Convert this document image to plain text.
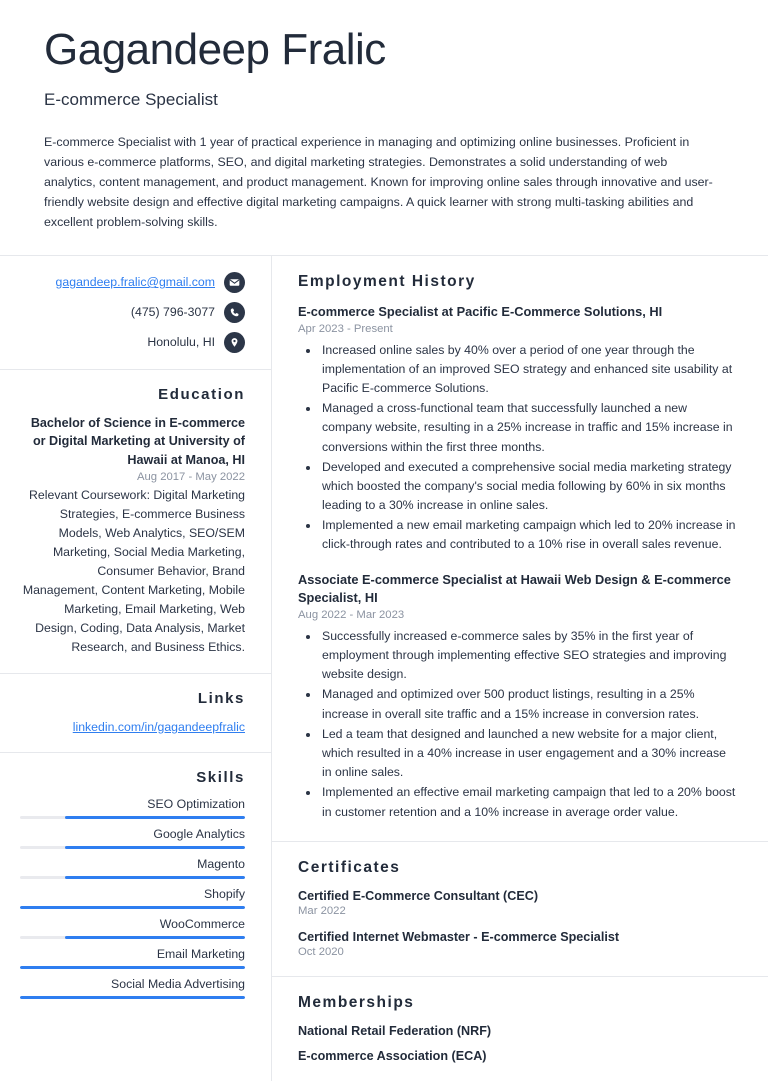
Gagandeep Fralic
E-commerce Specialist
E-commerce Specialist with 1 year of practical experience in managing and optimizing online businesses. Proficient in various e-commerce platforms, SEO, and digital marketing strategies. Demonstrates a solid understanding of web analytics, content management, and product management. Known for improving online sales through innovative and user-friendly website design and effective digital marketing campaigns. A quick learner with strong multi-tasking abilities and excellent problem-solving skills.
gagandeep.fralic@gmail.com
(475) 796-3077
Honolulu, HI
Education
Bachelor of Science in E-commerce or Digital Marketing at University of Hawaii at Manoa, HI
Aug 2017 - May 2022
Relevant Coursework: Digital Marketing Strategies, E-commerce Business Models, Web Analytics, SEO/SEM Marketing, Social Media Marketing, Consumer Behavior, Brand Management, Content Marketing, Mobile Marketing, Email Marketing, Web Design, Coding, Data Analysis, Market Research, and Business Ethics.
Links
linkedin.com/in/gagandeepfralic
Skills
SEO Optimization
Google Analytics
Magento
Shopify
WooCommerce
Email Marketing
Social Media Advertising
Employment History
E-commerce Specialist at Pacific E-Commerce Solutions, HI
Apr 2023 - Present
• Increased online sales by 40% over a period of one year through the implementation of an improved SEO strategy and enhanced site usability at Pacific E-commerce Solutions.
• Managed a cross-functional team that successfully launched a new company website, resulting in a 25% increase in traffic and 15% increase in conversions within the first three months.
• Developed and executed a comprehensive social media marketing strategy which boosted the company's social media following by 60% in six months leading to a 30% increase in online sales.
• Implemented a new email marketing campaign which led to 20% increase in click-through rates and contributed to a 10% rise in overall sales revenue.
Associate E-commerce Specialist at Hawaii Web Design & E-commerce Specialist, HI
Aug 2022 - Mar 2023
• Successfully increased e-commerce sales by 35% in the first year of employment through implementing effective SEO strategies and improving website design.
• Managed and optimized over 500 product listings, resulting in a 25% increase in overall site traffic and a 15% increase in conversion rates.
• Led a team that designed and launched a new website for a major client, which resulted in a 40% increase in user engagement and a 30% increase in online sales.
• Implemented an effective email marketing campaign that led to a 20% boost in customer retention and a 10% increase in average order value.
Certificates
Certified E-Commerce Consultant (CEC)
Mar 2022
Certified Internet Webmaster - E-commerce Specialist
Oct 2020
Memberships
National Retail Federation (NRF)
E-commerce Association (ECA)
